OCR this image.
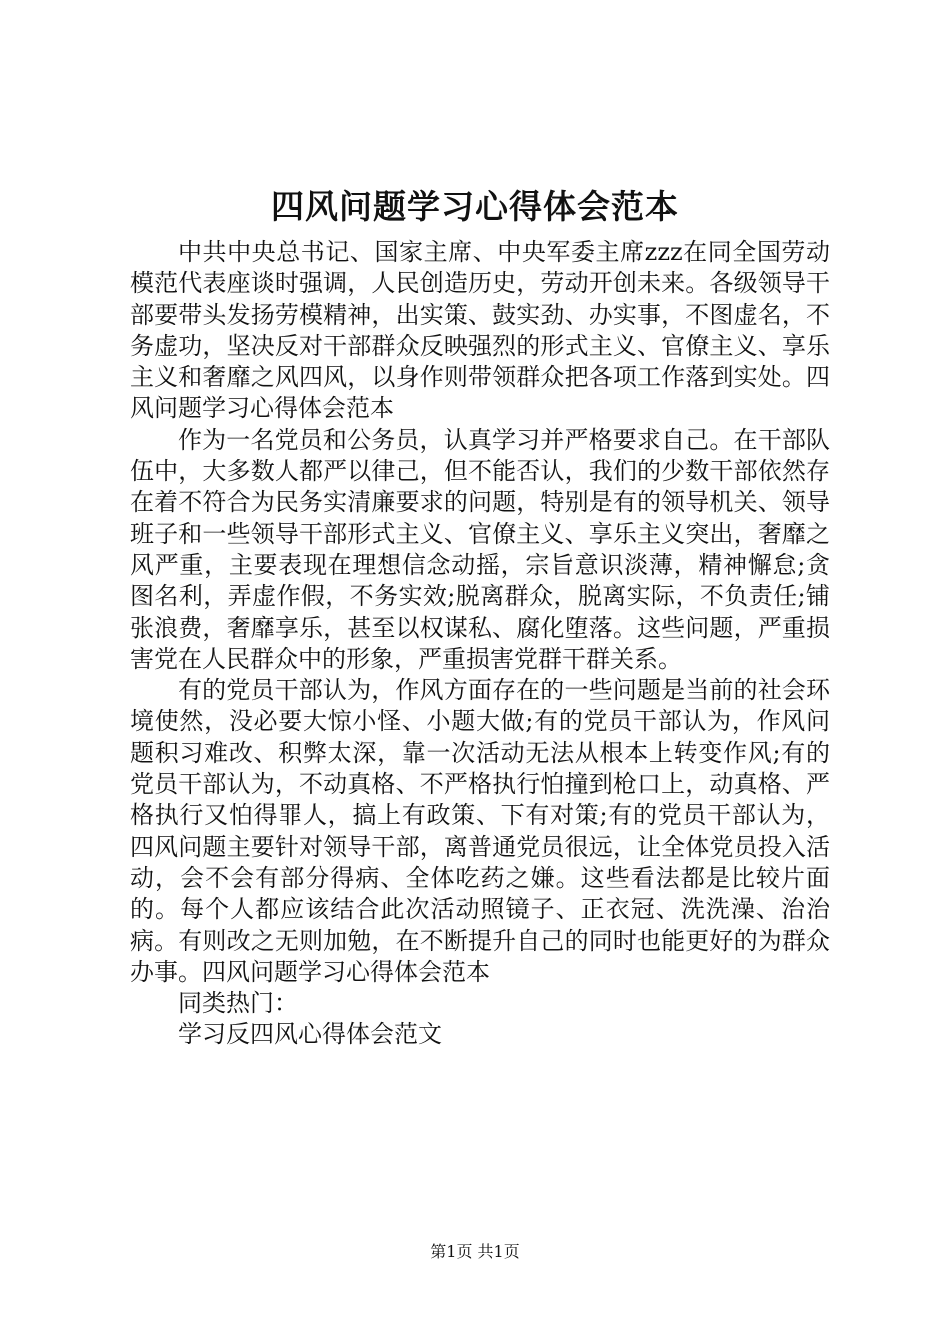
四风问题学习心得体会范本

中共中央总书记、国家主席、中央军委主席zzz在同全国劳动模范代表座谈时强调，人民创造历史，劳动开创未来。各级领导干部要带头发扬劳模精神，出实策、鼓实劲、办实事，不图虚名，不务虚功，坚决反对干部群众反映强烈的形式主义、官僚主义、享乐主义和奢靡之风四风，以身作则带领群众把各项工作落到实处。四风问题学习心得体会范本

作为一名党员和公务员，认真学习并严格要求自己。在干部队伍中，大多数人都严以律己，但不能否认，我们的少数干部依然存在着不符合为民务实清廉要求的问题，特别是有的领导机关、领导班子和一些领导干部形式主义、官僚主义、享乐主义突出，奢靡之风严重，主要表现在理想信念动摇，宗旨意识淡薄，精神懈怠;贪图名利，弄虚作假，不务实效;脱离群众，脱离实际，不负责任;铺张浪费，奢靡享乐，甚至以权谋私、腐化堕落。这些问题，严重损害党在人民群众中的形象，严重损害党群干群关系。

有的党员干部认为，作风方面存在的一些问题是当前的社会环境使然，没必要大惊小怪、小题大做;有的党员干部认为，作风问题积习难改、积弊太深，靠一次活动无法从根本上转变作风;有的党员干部认为，不动真格、不严格执行怕撞到枪口上，动真格、严格执行又怕得罪人，搞上有政策、下有对策;有的党员干部认为，四风问题主要针对领导干部，离普通党员很远，让全体党员投入活动，会不会有部分得病、全体吃药之嫌。这些看法都是比较片面的。每个人都应该结合此次活动照镜子、正衣冠、洗洗澡、治治病。有则改之无则加勉，在不断提升自己的同时也能更好的为群众办事。四风问题学习心得体会范本

同类热门：

学习反四风心得体会范文

第1页 共1页
